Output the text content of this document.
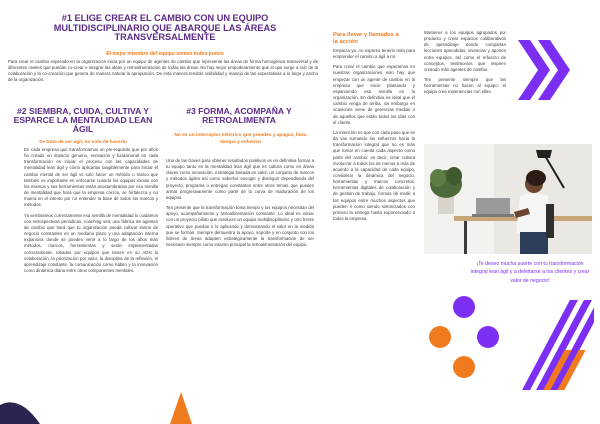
#1 ELIGE CREAR EL CAMBIO CON UN EQUIPO MULTIDISCIPLINARIO QUE ABARQUE LAS ÁREAS TRANSVERSALMENTE
El mejor miembro del equipo somos todos juntos
Para crear el cambio esperado en la organización inicia por un equipo de agentes de cambio que represente las áreas de forma homogénea transversal y de diferentes niveles que puedan co-crear e integrar las ideas y retroalimentación de todas las áreas. No hay mejor empoderamiento que el que surge a raíz de la colaboración y la co-creación que genera de manera natural la apropiación. De esta manera tendrás visibilidad y manejo de las expectativas a lo largo y ancho de la organización.
#2 SIEMBRA, CUIDA, CULTIVA Y ESPARCE LA MENTALIDAD LEAN ÁGIL
Se trata de ser ágil, no solo de hacerlo

En cada empresa que transformamos un pre-requisito que por años ha creado un impacto genuino, sensación y fundacional en cada transformación es iniciar el proceso con las capacidades de mentalidad lean ágil y cómo aplicarlas tangiblemente para iniciar el cambio mental de ser ágil vs solo hacer un método o marco que también es importante en enfocarse cuando los equipos inician con los mismos y sus herramientas están acostumbrados por eso semilla de mentalidad que hará que la empresa crezca, se fortalezca y no muera en el intento por no entender la base de todos los marcos y métodos.

Ya sembramos correctamente esa semilla de mentalidad lo cuidamos con retrospectivas periódicas, coaching seis una fábrica de agentes de cambio que hará que tu organización pueda cultivar éxitos de negocio constantes en un mediano plazo y una adaptación interna expansiva donde se pueden venir a lo largo de los años más métodos, marcos, herramientas y serán implementadas correctamente. Ideados por equipos que tienen en su ADN la colaboración, la priorización por valor, la disciplina de la reflexión, el aprendizaje constante, la comunicación como hábito y la innovación como dinámica diaria entre otros componentes mentales.

#3 FORMA, ACOMPAÑA Y RETROALIMENTA
No es un interruptor eléctrico que prendes y apagas, lleva tiempo y esfuerzo

Una de las claves para obtener resultados positivos es en definitiva formar a tu equipo tanto en la mentalidad lean ágil que es cultura como en áreas claves como innovación, estrategia basada en valor, un conjunto de marcos y métodos ágiles así como saberlos escoger y distinguir dependiendo del proyecto, programa o entregas constantes entre otros temas que puedes armar progresivamente como parte de la curva de maduración de los equipos.

Ten presente que la transformación toma tiempo y los equipos necesitan del apoyo, acompañamiento y retroalimentación constante. Lo ideal es iniciar con un proyecto piloto que involucre un equipo multidisciplinario y otro frente operativo que puedan ir lo aplicando y demostrando el valor en la medida que se forman. Siempre demuestra tu apoyo, soporte y en conjunto con los líderes de áreas adapten estratégicamente la transformación de ser necesario siempre como insumo principal la retroalimentación del equipo.

Para llevar y llamados a la acción

Empieza ya, no esperes tenerlo todo para emprender el camino a ágil a mí.

Para crear el cambio que esperamos en nuestras organizaciones solo hay que empezar con un agente de cambio en la empresa que inicie plantando y esparciendo esa semilla en la organización. En definitiva es ideal que el cambio venga de arriba, sin embargo en ocasiones viene de gerencias medias o de aquellos que están todos los días con el cliente.

La intención es que con cada paso que se da vas sumando los esfuerzos hacia la transformación integral que no es más que tomar en cuenta cada aspecto como parte del cambio: es decir, crear cultura involucrar a todos los de menos a más de acuerdo a la capacidad de cada equipo, considerar la dinámica del negocio, herramientas y marcos concretos, herramientas digitales de colaboración y de gestión de trabajo, formas de medir a los equipos entre muchos aspectos que pueden ir como siendo sintonizados con primero la entrega hasta exponenciado a todos la empresa.

Mantener a los equipos agrupados por producto y crear espacios colaborativos de aprendizaje donde compartan lecciones aprendidas, vivencias y aportes entre equipos, así como el refuerzo de conceptos, testimonios que inspiren creando más agentes de cambio.

Ten presente siempre que las herramientas no hacen al equipo: el equipo crea experiencias con ellas.

¡Te deseo mucha suerte con tu transformación integral lean ágil y a deleitarse a los clientes y crear valor de negocio!
